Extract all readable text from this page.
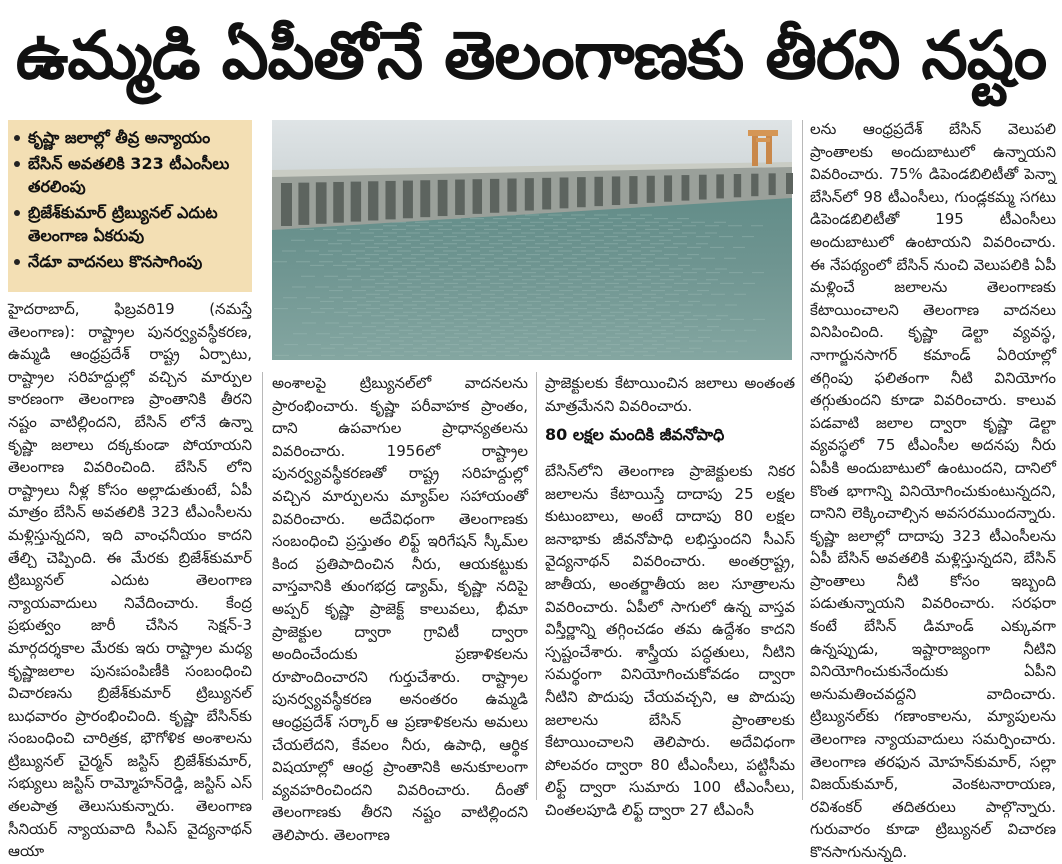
ఉమ్మడి ఏపీతోనే తెలంగాణకు తీరని నష్టం
కృష్ణా జలాల్లో తీవ్ర అన్యాయం
బేసిన్ అవతలికి 323 టీఎంసీలు తరలింపు
బ్రిజేశ్‌కుమార్ ట్రిబ్యునల్ ఎదుట తెలంగాణ ఏకరువు
నేడూ వాదనలు కొనసాగింపు

హైదరాబాద్, ఫిబ్రవరి19 (నమస్తే తెలంగాణ): రాష్ట్రాల పునర్వ్యవస్థీకరణ, ఉమ్మడి ఆంధ్రప్రదేశ్ రాష్ట్ర ఏర్పాటు, రాష్ట్రాల సరిహద్దుల్లో వచ్చిన మార్పుల కారణంగా తెలంగాణ ప్రాంతానికి తీరని నష్టం వాటిల్లిందని, బేసిన్ లోనే ఉన్నా కృష్ణా జలాలు దక్కకుండా పోయాయని తెలంగాణ వివరించింది. బేసిన్ లోని రాష్ట్రాలు నీళ్ల కోసం అల్లాడుతుంటే, ఏపీ మాత్రం బేసిన్ అవతలికి 323 టీఎంసీలను మళ్లిస్తున్నదని, ఇది వాంఛనీయం కాదని తేల్చి చెప్పింది. ఈ మేరకు బ్రిజేశ్‌కుమార్ ట్రిబ్యునల్ ఎదుట తెలంగాణ న్యాయవాదులు నివేదించారు. కేంద్ర ప్రభుత్వం జారీ చేసిన సెక్షన్-3 మార్గదర్శకాల మేరకు ఇరు రాష్ట్రాల మధ్య కృష్ణాజలాల పునఃపంపిణీకి సంబంధించి విచారణను బ్రిజేశ్‌కుమార్ ట్రిబ్యునల్ బుధవారం ప్రారంభించింది. కృష్ణా బేసిన్‌కు సంబంధించి చారిత్రక, భౌగోళిక అంశాలను ట్రిబ్యునల్ చైర్మన్ జస్టిస్ బ్రిజేశ్‌కుమార్, సభ్యులు జస్టిస్ రామ్మోహన్‌రెడ్డి, జస్టిస్ ఎస్ తలపాత్ర తెలుసుకున్నారు. తెలంగాణ సీనియర్ న్యాయవాది సీఎస్ వైద్యనాథన్ ఆయా

అంశాలపై ట్రిబ్యునల్‌లో వాదనలను ప్రారంభించారు. కృష్ణా పరీవాహక ప్రాంతం, దాని ఉపవాగుల ప్రాధాన్యతలను వివరించారు. 1956లో రాష్ట్రాల పునర్వ్యవస్థీకరణతో రాష్ట్ర సరిహద్దుల్లో వచ్చిన మార్పులను మ్యాప్‌ల సహాయంతో వివరించారు. అదేవిధంగా తెలంగాణకు సంబంధించి ప్రస్తుతం లిఫ్ట్ ఇరిగేషన్ స్కీమ్‌ల కింద ప్రతిపాదించిన నీరు, ఆయకట్టుకు వాస్తవానికి తుంగభద్ర డ్యామ్, కృష్ణా నదిపై అప్పర్ కృష్ణా ప్రాజెక్ట్ కాలువలు, భీమా ప్రాజెక్టుల ద్వారా గ్రావిటీ ద్వారా అందించేందుకు ప్రణాళికలను రూపొందించారని గుర్తుచేశారు. రాష్ట్రాల పునర్వ్యవస్థీకరణ అనంతరం ఉమ్మడి ఆంధ్రప్రదేశ్ సర్కార్ ఆ ప్రణాళికలను అమలు చేయలేదని, కేవలం నీరు, ఉపాధి, ఆర్థిక విషయాల్లో ఆంధ్ర ప్రాంతానికి అనుకూలంగా వ్యవహరించిందని వివరించారు. దీంతో తెలంగాణకు తీరని నష్టం వాటిల్లిందని తెలిపారు. తెలంగాణ

ప్రాజెక్టులకు కేటాయించిన జలాలు అంతంత మాత్రమేనని వివరించారు.

80 లక్షల మందికి జీవనోపాధి

బేసిన్‌లోని తెలంగాణ ప్రాజెక్టులకు నికర జలాలను కేటాయిస్తే దాదాపు 25 లక్షల కుటుంబాలు, అంటే దాదాపు 80 లక్షల జనాభాకు జీవనోపాధి లభిస్తుందని సీఎస్ వైద్యనాథన్ వివరించారు. అంతర్రాష్ట్ర, జాతీయ, అంతర్జాతీయ జల సూత్రాలను వివరించారు. ఏపీలో సాగులో ఉన్న వాస్తవ విస్తీర్ణాన్ని తగ్గించడం తమ ఉద్దేశం కాదని స్పష్టంచేశారు. శాస్త్రీయ పద్ధతులు, నీటిని సమర్థంగా వినియోగించుకోవడం ద్వారా నీటిని పొదుపు చేయవచ్చని, ఆ పొదుపు జలాలను బేసిన్ ప్రాంతాలకు కేటాయించాలని తెలిపారు. అదేవిధంగా పోలవరం ద్వారా 80 టీఎంసీలు, పట్టిసీమ లిఫ్ట్ ద్వారా సుమారు 100 టీఎంసీలు, చింతలపూడి లిఫ్ట్ ద్వారా 27 టీఎంసీ

లను ఆంధ్రప్రదేశ్ బేసిన్ వెలుపలి ప్రాంతాలకు అందుబాటులో ఉన్నాయని వివరించారు. 75% డిపెండబిలిటీతో పెన్నా బేసిన్‌లో 98 టీఎంసీలు, గుండ్లకమ్మ సగటు డిపెండబిలిటీతో 195 టీఎంసీలు అందుబాటులో ఉంటాయని వివరించారు. ఈ నేపథ్యంలో బేసిన్ నుంచి వెలుపలికి ఏపీ మళ్లించే జలాలను తెలంగాణకు కేటాయించాలని తెలంగాణ వాదనలు వినిపించింది. కృష్ణా డెల్టా వ్యవస్థ, నాగార్జునసాగర్ కమాండ్ ఏరియాల్లో తగ్గింపు ఫలితంగా నీటి వినియోగం తగ్గుతుందని కూడా వివరించారు. కాలువ పడవాటి జలాల ద్వారా కృష్ణా డెల్టా వ్యవస్థలో 75 టీఎంసీల అదనపు నీరు ఏపీకి అందుబాటులో ఉంటుందని, దానిలో కొంత భాగాన్ని వినియోగించుకుంటున్నదని, దానిని లెక్కించాల్సిన అవసరముందన్నారు. కృష్ణా జలాల్లో దాదాపు 323 టీఎంసీలను ఏపీ బేసిన్ అవతలికి మళ్లిస్తున్నదని, బేసిన్ ప్రాంతాలు నీటి కోసం ఇబ్బంది పడుతున్నాయని వివరించారు. సరఫరా కంటే బేసిన్ డిమాండ్ ఎక్కువగా ఉన్నప్పుడు, ఇష్టారాజ్యంగా నీటిని వినియోగించుకునేందుకు ఏపీని అనుమతించవద్దని వాదించారు. ట్రిబ్యునల్‌కు గణాంకాలను, మ్యాపులను తెలంగాణ న్యాయవాదులు సమర్పించారు. తెలంగాణ తరఫున మోహన్‌కుమార్, సల్లా విజయ్‌కుమార్, వెంకటనారాయణ, రవిశంకర్ తదితరులు పాల్గొన్నారు. గురువారం కూడా ట్రిబ్యునల్ విచారణ కొనసాగునున్నది.
